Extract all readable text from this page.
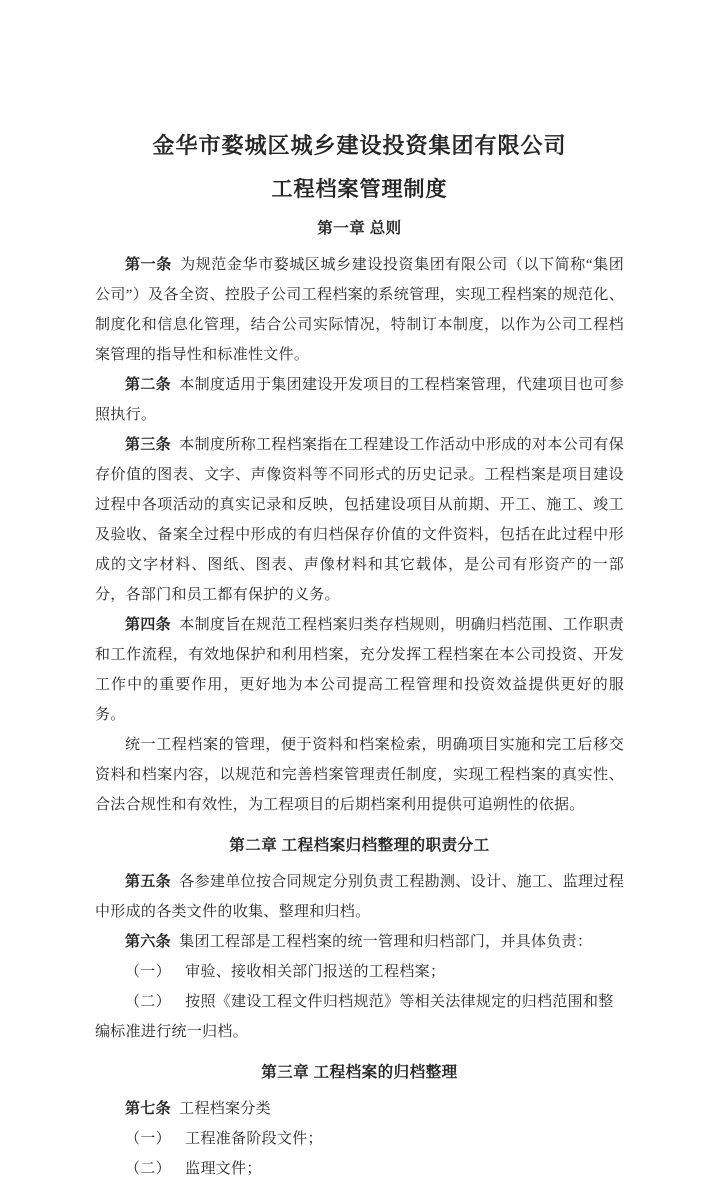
金华市婺城区城乡建设投资集团有限公司
工程档案管理制度
第一章 总则

第一条 为规范金华市婺城区城乡建设投资集团有限公司（以下简称“集团公司”）及各全资、控股子公司工程档案的系统管理，实现工程档案的规范化、制度化和信息化管理，结合公司实际情况，特制订本制度，以作为公司工程档案管理的指导性和标准性文件。

第二条 本制度适用于集团建设开发项目的工程档案管理，代建项目也可参照执行。

第三条 本制度所称工程档案指在工程建设工作活动中形成的对本公司有保存价值的图表、文字、声像资料等不同形式的历史记录。工程档案是项目建设过程中各项活动的真实记录和反映，包括建设项目从前期、开工、施工、竣工及验收、备案全过程中形成的有归档保存价值的文件资料，包括在此过程中形成的文字材料、图纸、图表、声像材料和其它载体，是公司有形资产的一部分，各部门和员工都有保护的义务。

第四条 本制度旨在规范工程档案归类存档规则，明确归档范围、工作职责和工作流程，有效地保护和利用档案，充分发挥工程档案在本公司投资、开发工作中的重要作用，更好地为本公司提高工程管理和投资效益提供更好的服务。

统一工程档案的管理，便于资料和档案检索，明确项目实施和完工后移交资料和档案内容，以规范和完善档案管理责任制度，实现工程档案的真实性、合法合规性和有效性，为工程项目的后期档案利用提供可追朔性的依据。

第二章 工程档案归档整理的职责分工

第五条 各参建单位按合同规定分别负责工程勘测、设计、施工、监理过程中形成的各类文件的收集、整理和归档。

第六条 集团工程部是工程档案的统一管理和归档部门，并具体负责：

（一） 审验、接收相关部门报送的工程档案；

（二） 按照《建设工程文件归档规范》等相关法律规定的归档范围和整编标准进行统一归档。

第三章 工程档案的归档整理

第七条 工程档案分类

（一） 工程准备阶段文件；

（二） 监理文件；
